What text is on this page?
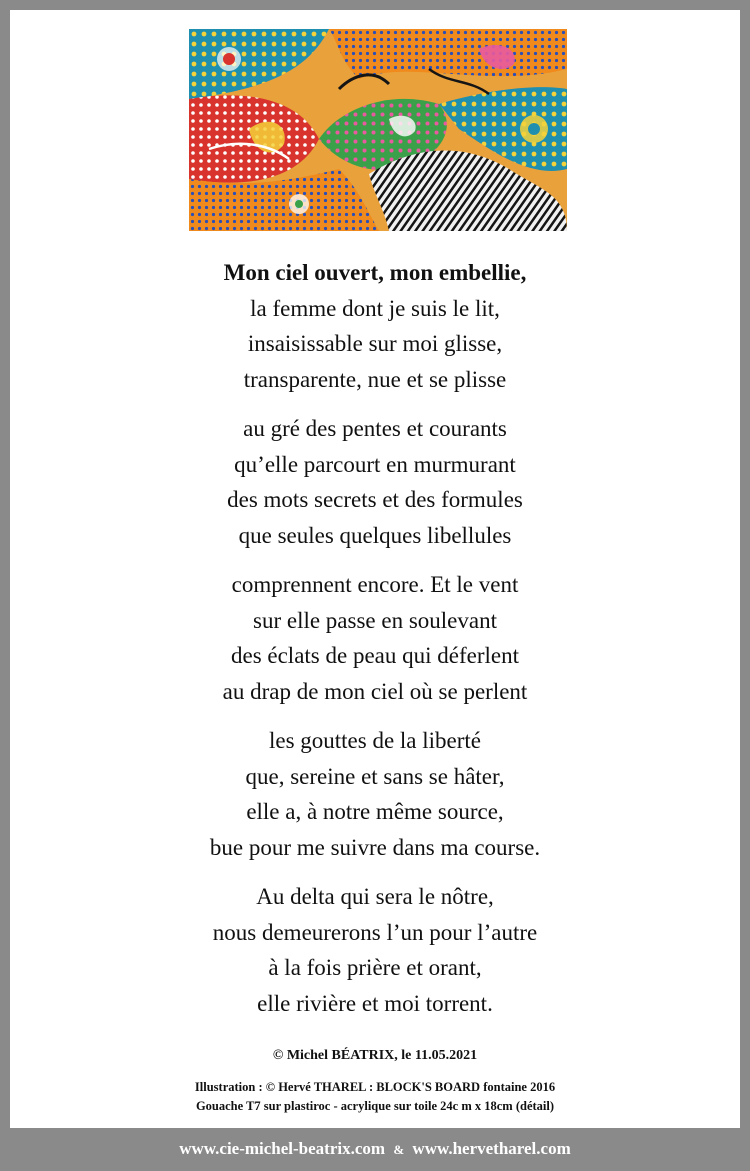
Mon ciel ouvert, mon embellie,
la femme dont je suis le lit,
insaisissable sur moi glisse,
transparente, nue et se plisse
au gré des pentes et courants
qu’elle parcourt en murmurant
des mots secrets et des formules
que seules quelques libellules
comprennent encore. Et le vent
sur elle passe en soulevant
des éclats de peau qui déferlent
au drap de mon ciel où se perlent
les gouttes de la liberté
que, sereine et sans se hâter,
elle a, à notre même source,
bue pour me suivre dans ma course.
Au delta qui sera le nôtre,
nous demeurerons l’un pour l’autre
à la fois prière et orant,
elle rivière et moi torrent.
© Michel BÉATRIX, le 11.05.2021
Illustration : © Hervé THAREL : BLOCK'S BOARD fontaine 2016
Gouache T7 sur plastiroc - acrylique sur toile 24c m x 18cm (détail)
www.cie-michel-beatrix.com & www.hervetharel.com
